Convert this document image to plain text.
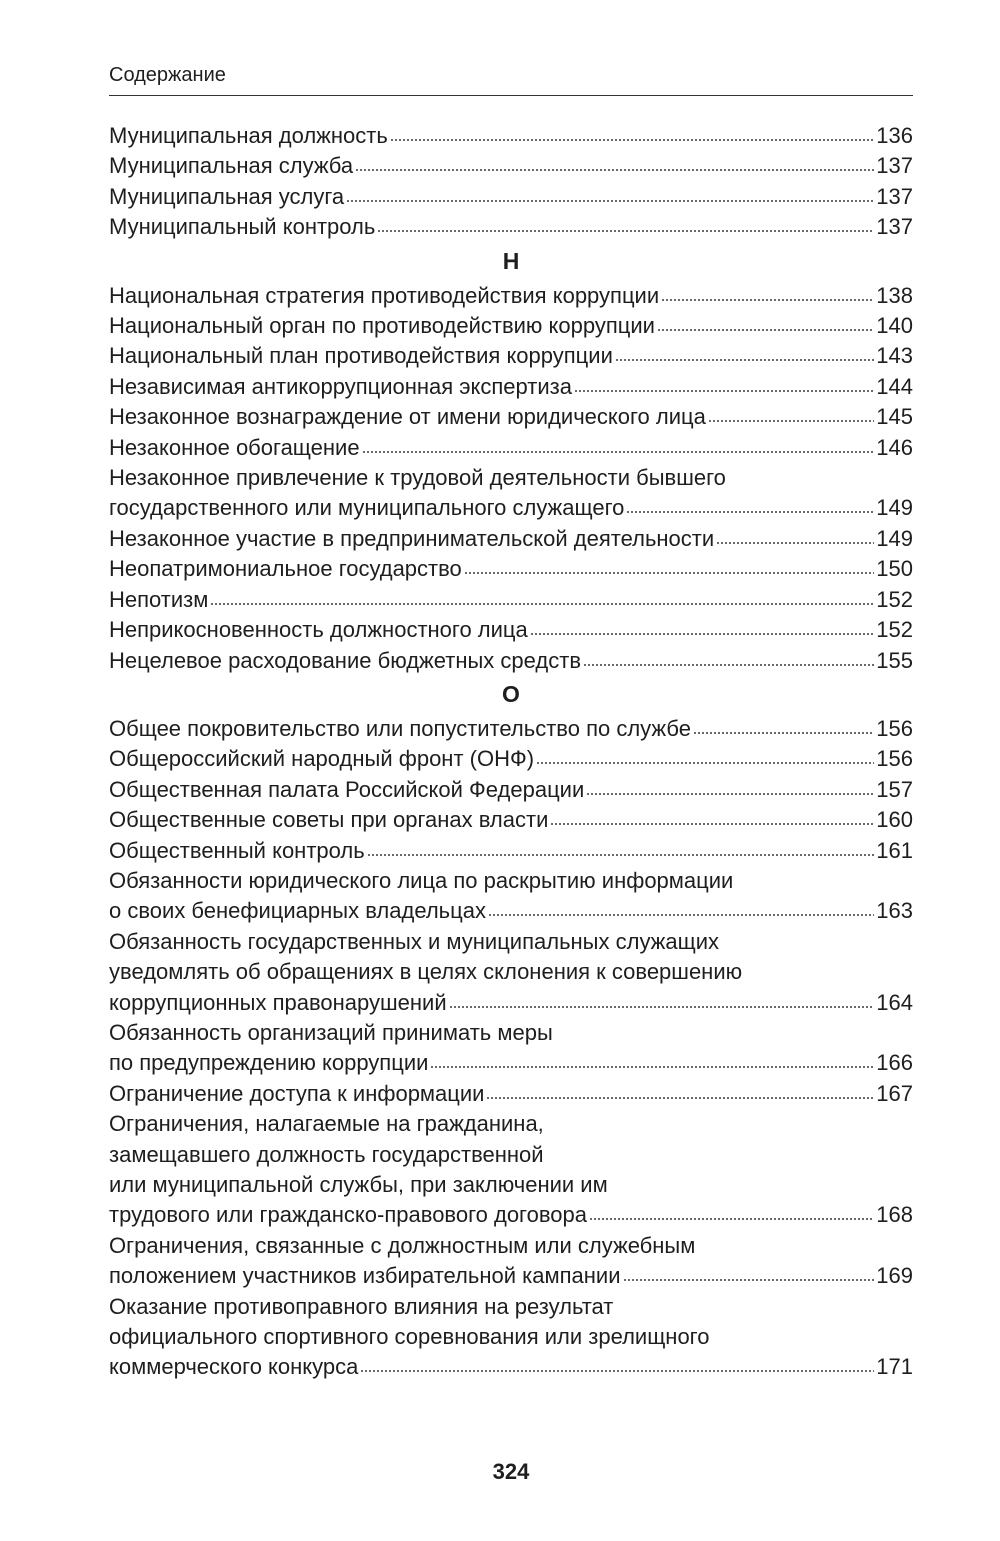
Содержание
Муниципальная должность	136
Муниципальная служба	137
Муниципальная услуга	137
Муниципальный контроль	137
Н
Национальная стратегия противодействия коррупции	138
Национальный орган по противодействию коррупции	140
Национальный план противодействия коррупции	143
Независимая антикоррупционная экспертиза	144
Незаконное вознаграждение от имени юридического лица	145
Незаконное обогащение	146
Незаконное привлечение к трудовой деятельности бывшего
государственного или муниципального служащего	149
Незаконное участие в предпринимательской деятельности	149
Неопатримониальное государство	150
Непотизм	152
Неприкосновенность должностного лица	152
Нецелевое расходование бюджетных средств	155
О
Общее покровительство или попустительство по службе	156
Общероссийский народный фронт (ОНФ)	156
Общественная палата Российской Федерации	157
Общественные советы при органах власти	160
Общественный контроль	161
Обязанности юридического лица по раскрытию информации
о своих бенефициарных владельцах	163
Обязанность государственных и муниципальных служащих
уведомлять об обращениях в целях склонения к совершению
коррупционных правонарушений	164
Обязанность организаций принимать меры
по предупреждению коррупции	166
Ограничение доступа к информации	167
Ограничения, налагаемые на гражданина,
замещавшего должность государственной
или муниципальной службы, при заключении им
трудового или гражданско-правового договора	168
Ограничения, связанные с должностным или служебным
положением участников избирательной кампании	169
Оказание противоправного влияния на результат
официального спортивного соревнования или зрелищного
коммерческого конкурса	171
324
